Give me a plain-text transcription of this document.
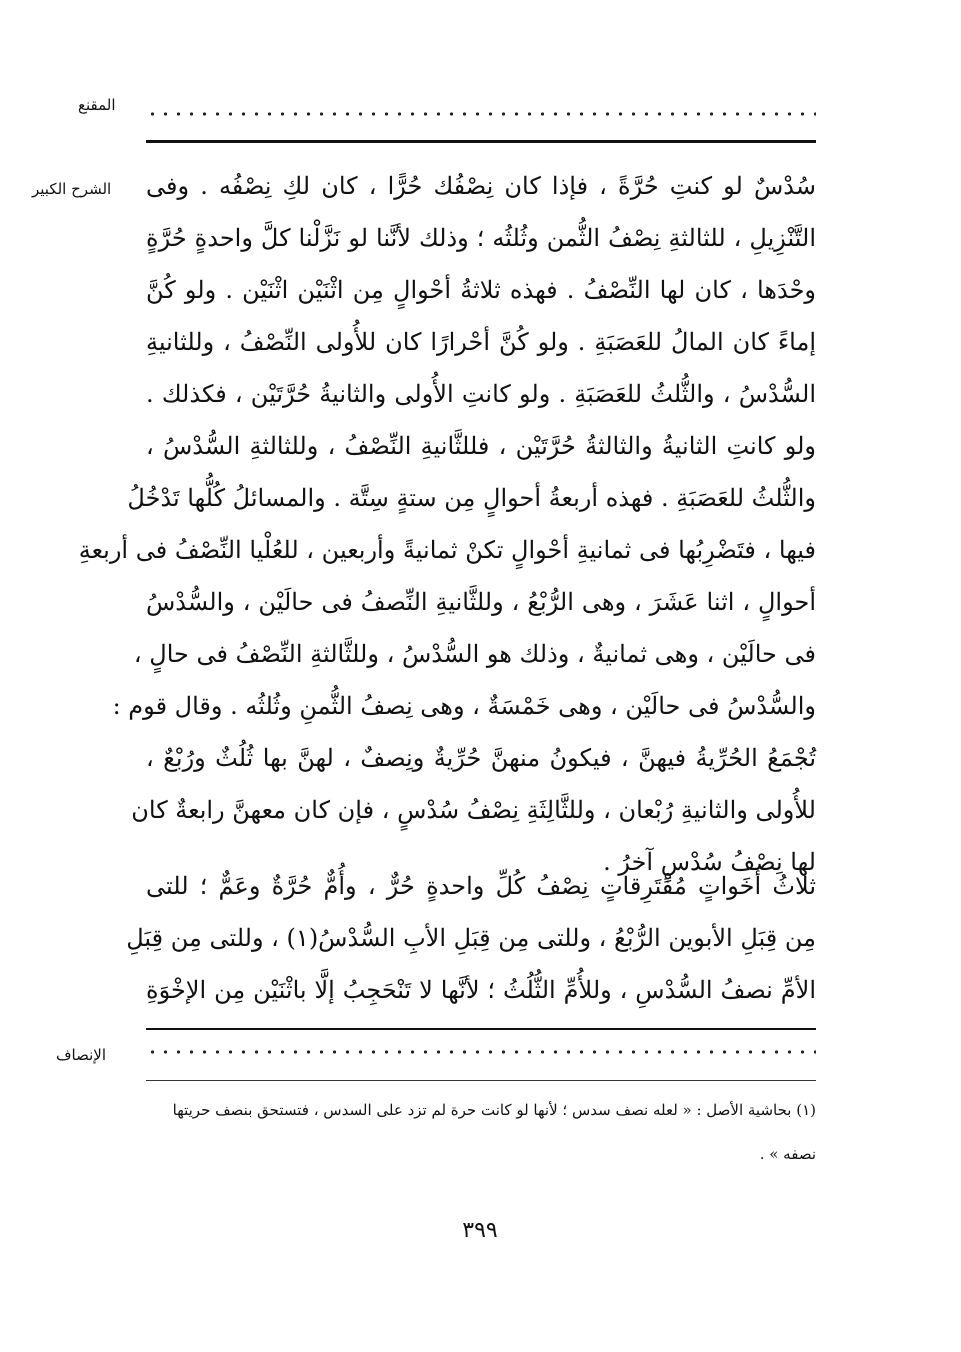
المقنع
الشرح الكبير سُدْسٌ لو كنتِ حُرَّةً ، فإذا كان نِصْفُك حُرًّا ، كان لكِ نِصْفُه . وفى
التَّنْزِيلِ ، للثالثةِ نِصْفُ الثُّمن وثُلثُه ؛ وذلك لأنَّنا لو نَزَّلْنا كلَّ واحدةٍ حُرَّةٍ
وحْدَها ، كان لها النِّصْفُ . فهذه ثلاثةُ أحْوالٍ مِن اثْنَيْن اثْنَيْن . ولو كُنَّ
إماءً كان المالُ للعَصَبَةِ . ولو كُنَّ أحْرارًا كان للأُولى النِّصْفُ ، وللثانيةِ
السُّدْسُ ، والثُّلثُ للعَصَبَةِ . ولو كانتِ الأُولى والثانيةُ حُرَّتَيْن ، فكذلك .
ولو كانتِ الثانيةُ والثالثةُ حُرَّتَيْن ، فللثَّانيةِ النِّصْفُ ، وللثالثةِ السُّدْسُ ،
والثُّلثُ للعَصَبَةِ . فهذه أربعةُ أحوالٍ مِن ستةٍ سِتَّة . والمسائلُ كُلُّها تَدْخُلُ
فيها ، فتَضْرِبُها فى ثمانيةِ أحْوالٍ تكنْ ثمانيةً وأربعين ، للعُلْيا النِّصْفُ فى أربعةِ
أحوالٍ ، اثنا عَشَرَ ، وهى الرُّبْعُ ، وللثَّانيةِ النِّصفُ فى حالَيْن ، والسُّدْسُ
فى حالَيْن ، وهى ثمانيةٌ ، وذلك هو السُّدْسُ ، وللثَّالثةِ النِّصْفُ فى حالٍ ،
والسُّدْسُ فى حالَيْن ، وهى خَمْسَةٌ ، وهى نِصفُ الثُّمنِ وثُلثُه . وقال قوم :
تُجْمَعُ الحُرِّيةُ فيهنَّ ، فيكونُ منهنَّ حُرِّيةٌ ونِصفٌ ، لهنَّ بها ثُلُثٌ ورُبْعٌ ،
للأُولى والثانيةِ رُبْعان ، وللثَّالِثَةِ نِصْفُ سُدْسٍ ، فإن كان معهنَّ رابعةٌ كان
لها نِصْفُ سُدْسٍ آخرُ .
ثلاثُ أخَواتٍ مُفْتَرِقاتٍ نِصْفُ كُلِّ واحدةٍ حُرٌّ ، وأُمٌّ حُرَّةٌ وعَمٌّ ؛ للتى
مِن قِبَلِ الأبوين الرُّبْعُ ، وللتى مِن قِبَلِ الأبِ السُّدْسُ(١) ، وللتى مِن قِبَلِ
الأمِّ نصفُ السُّدْسِ ، وللأُمِّ الثُّلُثُ ؛ لأنَّها لا تَنْحَجِبُ إلَّا باثْنَيْن مِن الإخْوَةِ
الإنصاف
(١) بحاشية الأصل : « لعله نصف سدس ؛ لأنها لو كانت حرة لم تزد على السدس ، فتستحق بنصف حريتها
نصفه » .
٣٩٩
